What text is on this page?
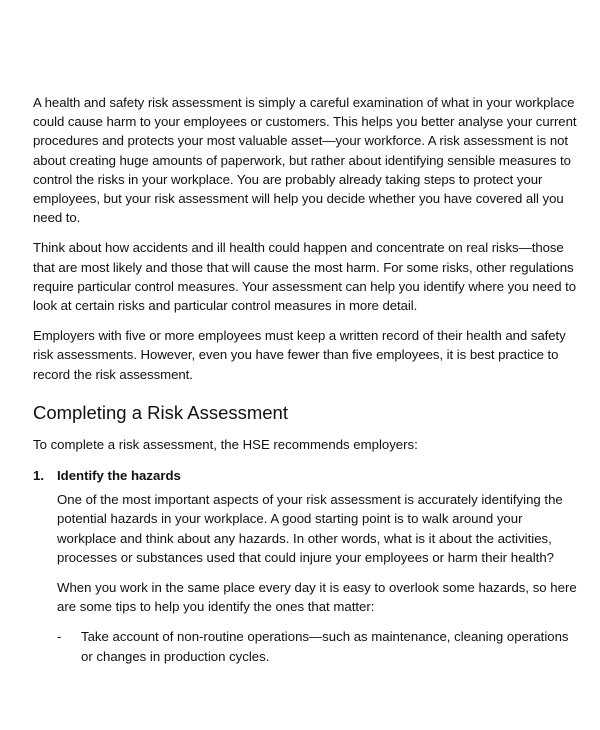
A health and safety risk assessment is simply a careful examination of what in your workplace could cause harm to your employees or customers. This helps you better analyse your current procedures and protects your most valuable asset—your workforce. A risk assessment is not about creating huge amounts of paperwork, but rather about identifying sensible measures to control the risks in your workplace. You are probably already taking steps to protect your employees, but your risk assessment will help you decide whether you have covered all you need to.

Think about how accidents and ill health could happen and concentrate on real risks—those that are most likely and those that will cause the most harm. For some risks, other regulations require particular control measures. Your assessment can help you identify where you need to look at certain risks and particular control measures in more detail.

Employers with five or more employees must keep a written record of their health and safety risk assessments. However, even you have fewer than five employees, it is best practice to record the risk assessment.

Completing a Risk Assessment

To complete a risk assessment, the HSE recommends employers:

1. Identify the hazards

One of the most important aspects of your risk assessment is accurately identifying the potential hazards in your workplace. A good starting point is to walk around your workplace and think about any hazards. In other words, what is it about the activities, processes or substances used that could injure your employees or harm their health?

When you work in the same place every day it is easy to overlook some hazards, so here are some tips to help you identify the ones that matter:

-	Take account of non-routine operations—such as maintenance, cleaning operations or changes in production cycles.
